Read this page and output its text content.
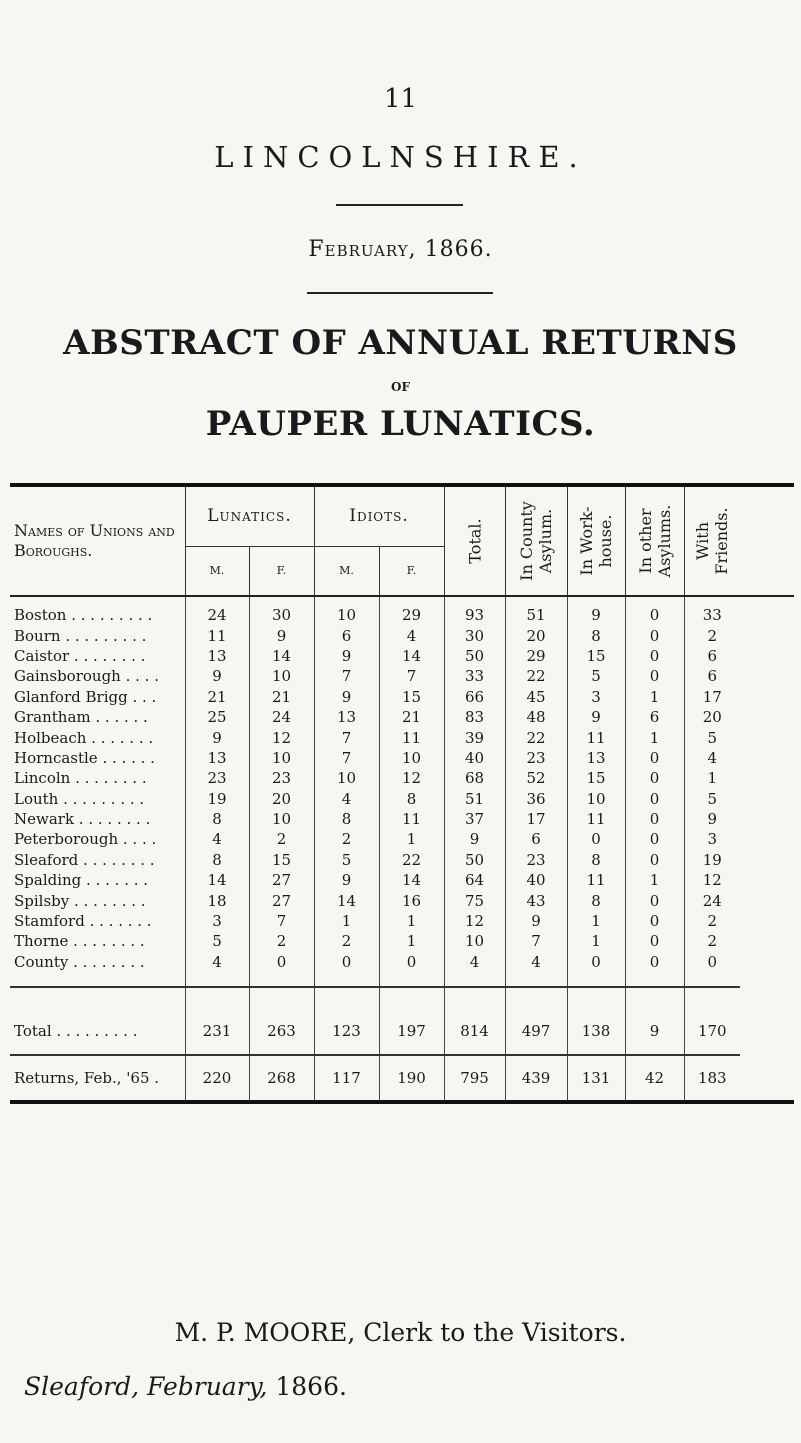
11
LINCOLNSHIRE.
February, 1866.
ABSTRACT OF ANNUAL RETURNS
OF
PAUPER LUNATICS.
Names of Unions and Boroughs.	Lunatics.		Idiots.		Total.	In County Asylum.	In Work-house.	In other Asylums.	With Friends.

	M.	F.	M.	F.					

Boston . . . . . . . . .	24	30	10	29	93	51	9	0	33
Bourn . . . . . . . . .	11	9	6	4	30	20	8	0	2
Caistor . . . . . . . .	13	14	9	14	50	29	15	0	6
Gainsborough . . . .	9	10	7	7	33	22	5	0	6
Glanford Brigg . . .	21	21	9	15	66	45	3	1	17
Grantham . . . . . .	25	24	13	21	83	48	9	6	20
Holbeach . . . . . . .	9	12	7	11	39	22	11	1	5
Horncastle . . . . . .	13	10	7	10	40	23	13	0	4
Lincoln . . . . . . . .	23	23	10	12	68	52	15	0	1
Louth . . . . . . . . .	19	20	4	8	51	36	10	0	5
Newark . . . . . . . .	8	10	8	11	37	17	11	0	9
Peterborough . . . .	4	2	2	1	9	6	0	0	3
Sleaford . . . . . . . .	8	15	5	22	50	23	8	0	19
Spalding . . . . . . .	14	27	9	14	64	40	11	1	12
Spilsby . . . . . . . .	18	27	14	16	75	43	8	0	24
Stamford . . . . . . .	3	7	1	1	12	9	1	0	2
Thorne . . . . . . . .	5	2	2	1	10	7	1	0	2
County . . . . . . . .	4	0	0	0	4	4	0	0	0
Total . . . . . . . . .	231	263	123	197	814	497	138	9	170
Returns, Feb., '65 .	220	268	117	190	795	439	131	42	183
M. P. MOORE, Clerk to the Visitors.
Sleaford, February, 1866.
